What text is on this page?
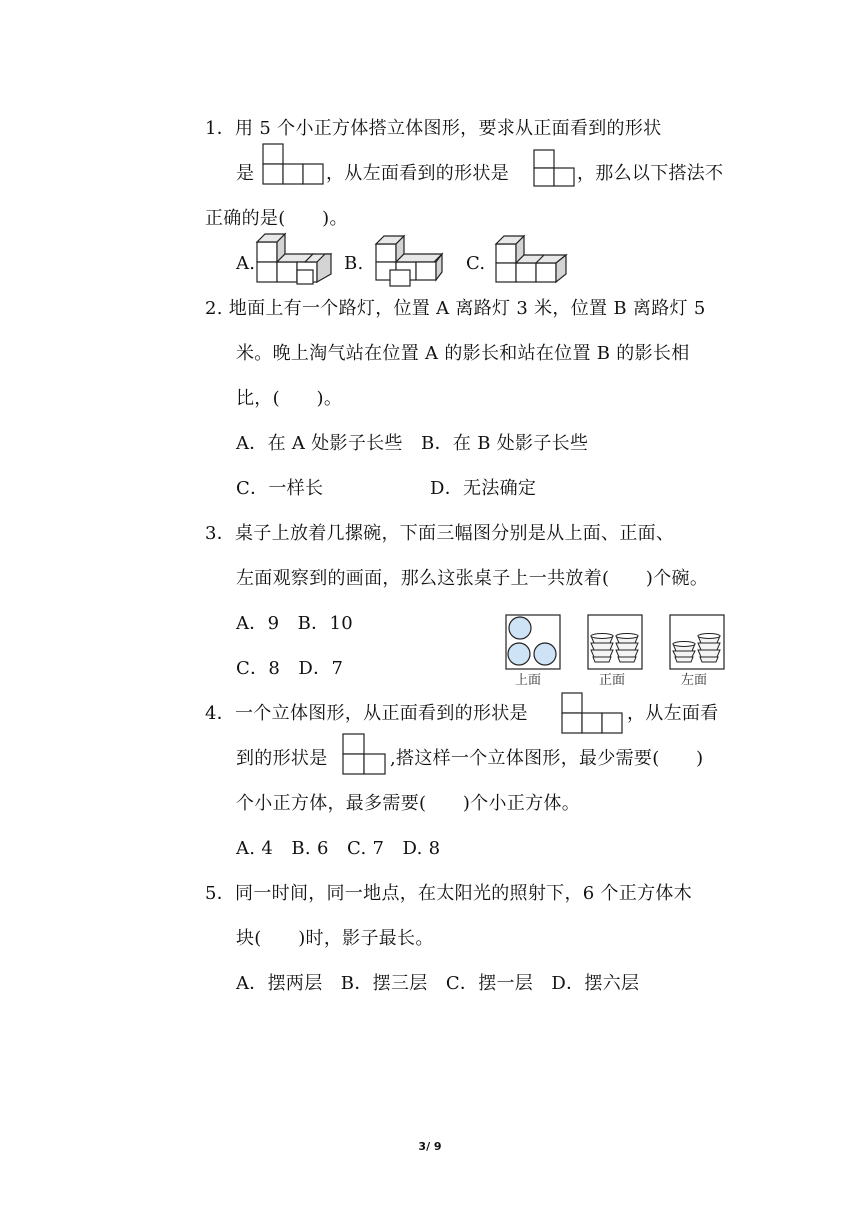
1．用 5 个小正方体搭立体图形，要求从正面看到的形状
是	，从左面看到的形状是	，那么以下搭法不
正确的是(　　)。
A.	B.	C.
2. 地面上有一个路灯，位置 A 离路灯 3 米，位置 B 离路灯 5
米。晚上淘气站在位置 A 的影长和站在位置 B 的影长相
比，(　　)。
A．在 A 处影子长些　B．在 B 处影子长些
C．一样长	D．无法确定
3．桌子上放着几摞碗，下面三幅图分别是从上面、正面、
左面观察到的画面，那么这张桌子上一共放着(　　)个碗。
A．9　B．10
C．8　D．7
上面	正面	左面
4．一个立体图形，从正面看到的形状是	，从左面看
到的形状是	,搭这样一个立体图形，最少需要(　　)
个小正方体，最多需要(　　)个小正方体。
A. 4　B. 6　C. 7　D. 8
5．同一时间，同一地点，在太阳光的照射下，6 个正方体木
块(　　)时，影子最长。
A．摆两层　B．摆三层　C．摆一层　D．摆六层
3/ 9
